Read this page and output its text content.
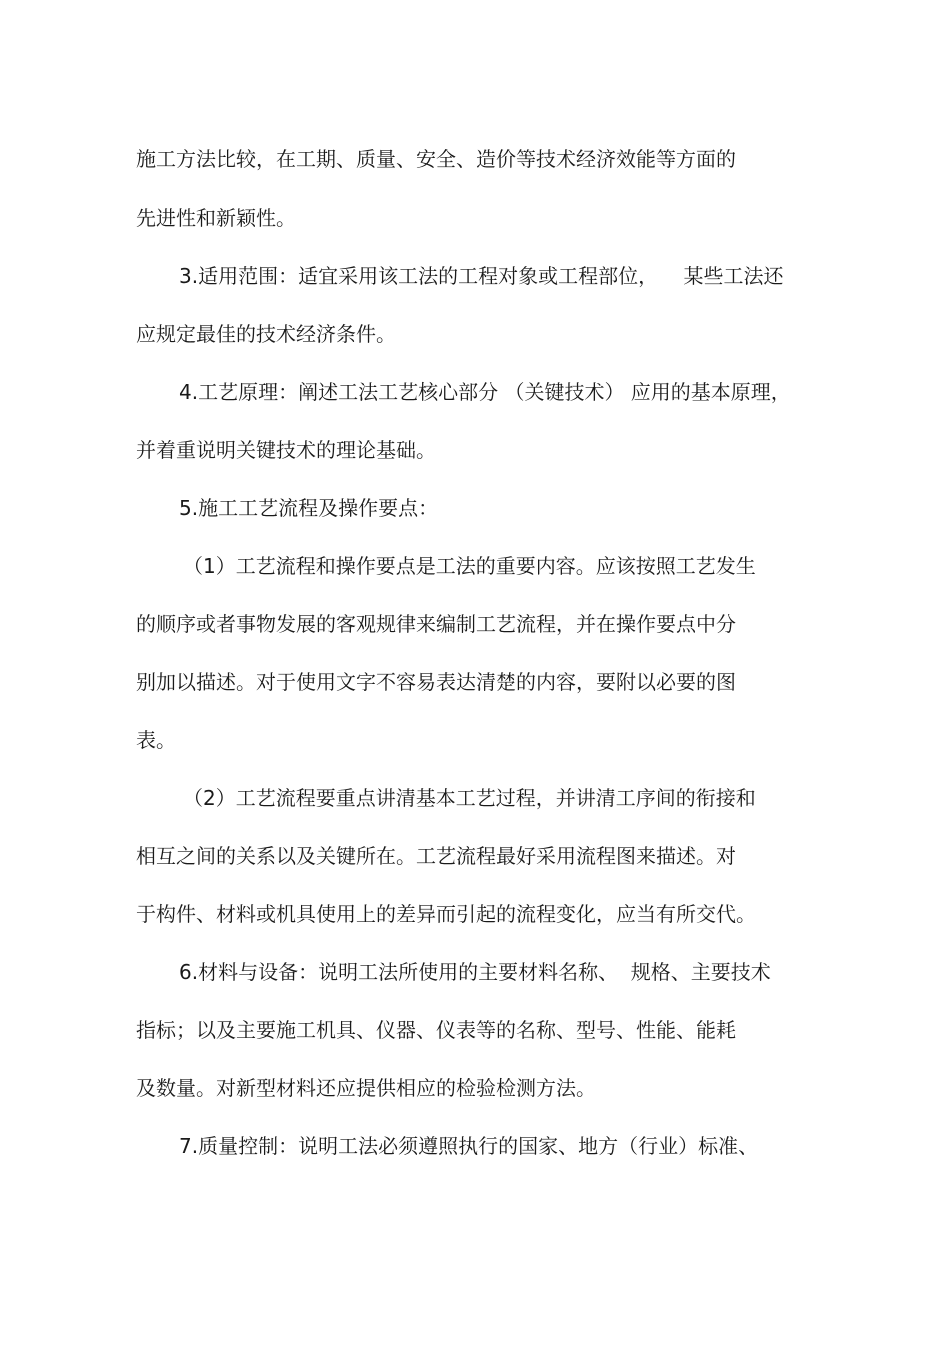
施工方法比较，在工期、质量、安全、造价等技术经济效能等方面的
先进性和新颖性。
3.适用范围：适宜采用该工法的工程对象或工程部位，    某些工法还
应规定最佳的技术经济条件。
4.工艺原理：阐述工法工艺核心部分 （关键技术） 应用的基本原理，
并着重说明关键技术的理论基础。
5.施工工艺流程及操作要点：
（1）工艺流程和操作要点是工法的重要内容。应该按照工艺发生
的顺序或者事物发展的客观规律来编制工艺流程，并在操作要点中分
别加以描述。对于使用文字不容易表达清楚的内容，要附以必要的图
表。
（2）工艺流程要重点讲清基本工艺过程，并讲清工序间的衔接和
相互之间的关系以及关键所在。工艺流程最好采用流程图来描述。对
于构件、材料或机具使用上的差异而引起的流程变化，应当有所交代。
6.材料与设备：说明工法所使用的主要材料名称、  规格、主要技术
指标；以及主要施工机具、仪器、仪表等的名称、型号、性能、能耗
及数量。对新型材料还应提供相应的检验检测方法。
7.质量控制：说明工法必须遵照执行的国家、地方（行业）标准、
